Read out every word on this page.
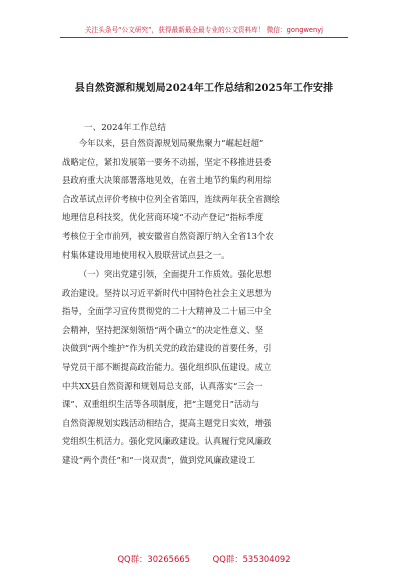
关注头条号“公文研究”，获得最新最全最专业的公文资料库！ 微信：gongwenyj
县自然资源和规划局2024年工作总结和2025年工作安排
一、2024年工作总结
今年以来，县自然资源规划局聚焦聚力“崛起赶超”
战略定位，紧扣发展第一要务不动摇，坚定不移推进县委
县政府重大决策部署落地见效，在省土地节约集约利用综
合改革试点评价考核中位列全省第四，连续两年获全省测绘
地理信息科技奖，优化营商环境“不动产登记”指标季度
考核位于全市前列，被安徽省自然资源厅纳入全省13个农
村集体建设用地使用权入股联营试点县之一。
（一）突出党建引领，全面提升工作质效。强化思想
政治建设。坚持以习近平新时代中国特色社会主义思想为
指导，全面学习宣传贯彻党的二十大精神及二十届三中全
会精神，坚持把深刻领悟“两个确立”的决定性意义、坚
决做到“两个维护”作为机关党的政治建设的首要任务，引
导党员干部不断提高政治能力。强化组织队伍建设。成立
中共XX县自然资源和规划局总支部，认真落实“三会一
课”、双重组织生活等各项制度，把“主题党日”活动与
自然资源规划实践活动相结合，提高主题党日实效，增强
党组织生机活力。强化党风廉政建设。认真履行党风廉政
建设“两个责任”和“一岗双责”，做到党风廉政建设工
QQ群：30265665	QQ群：535304092
